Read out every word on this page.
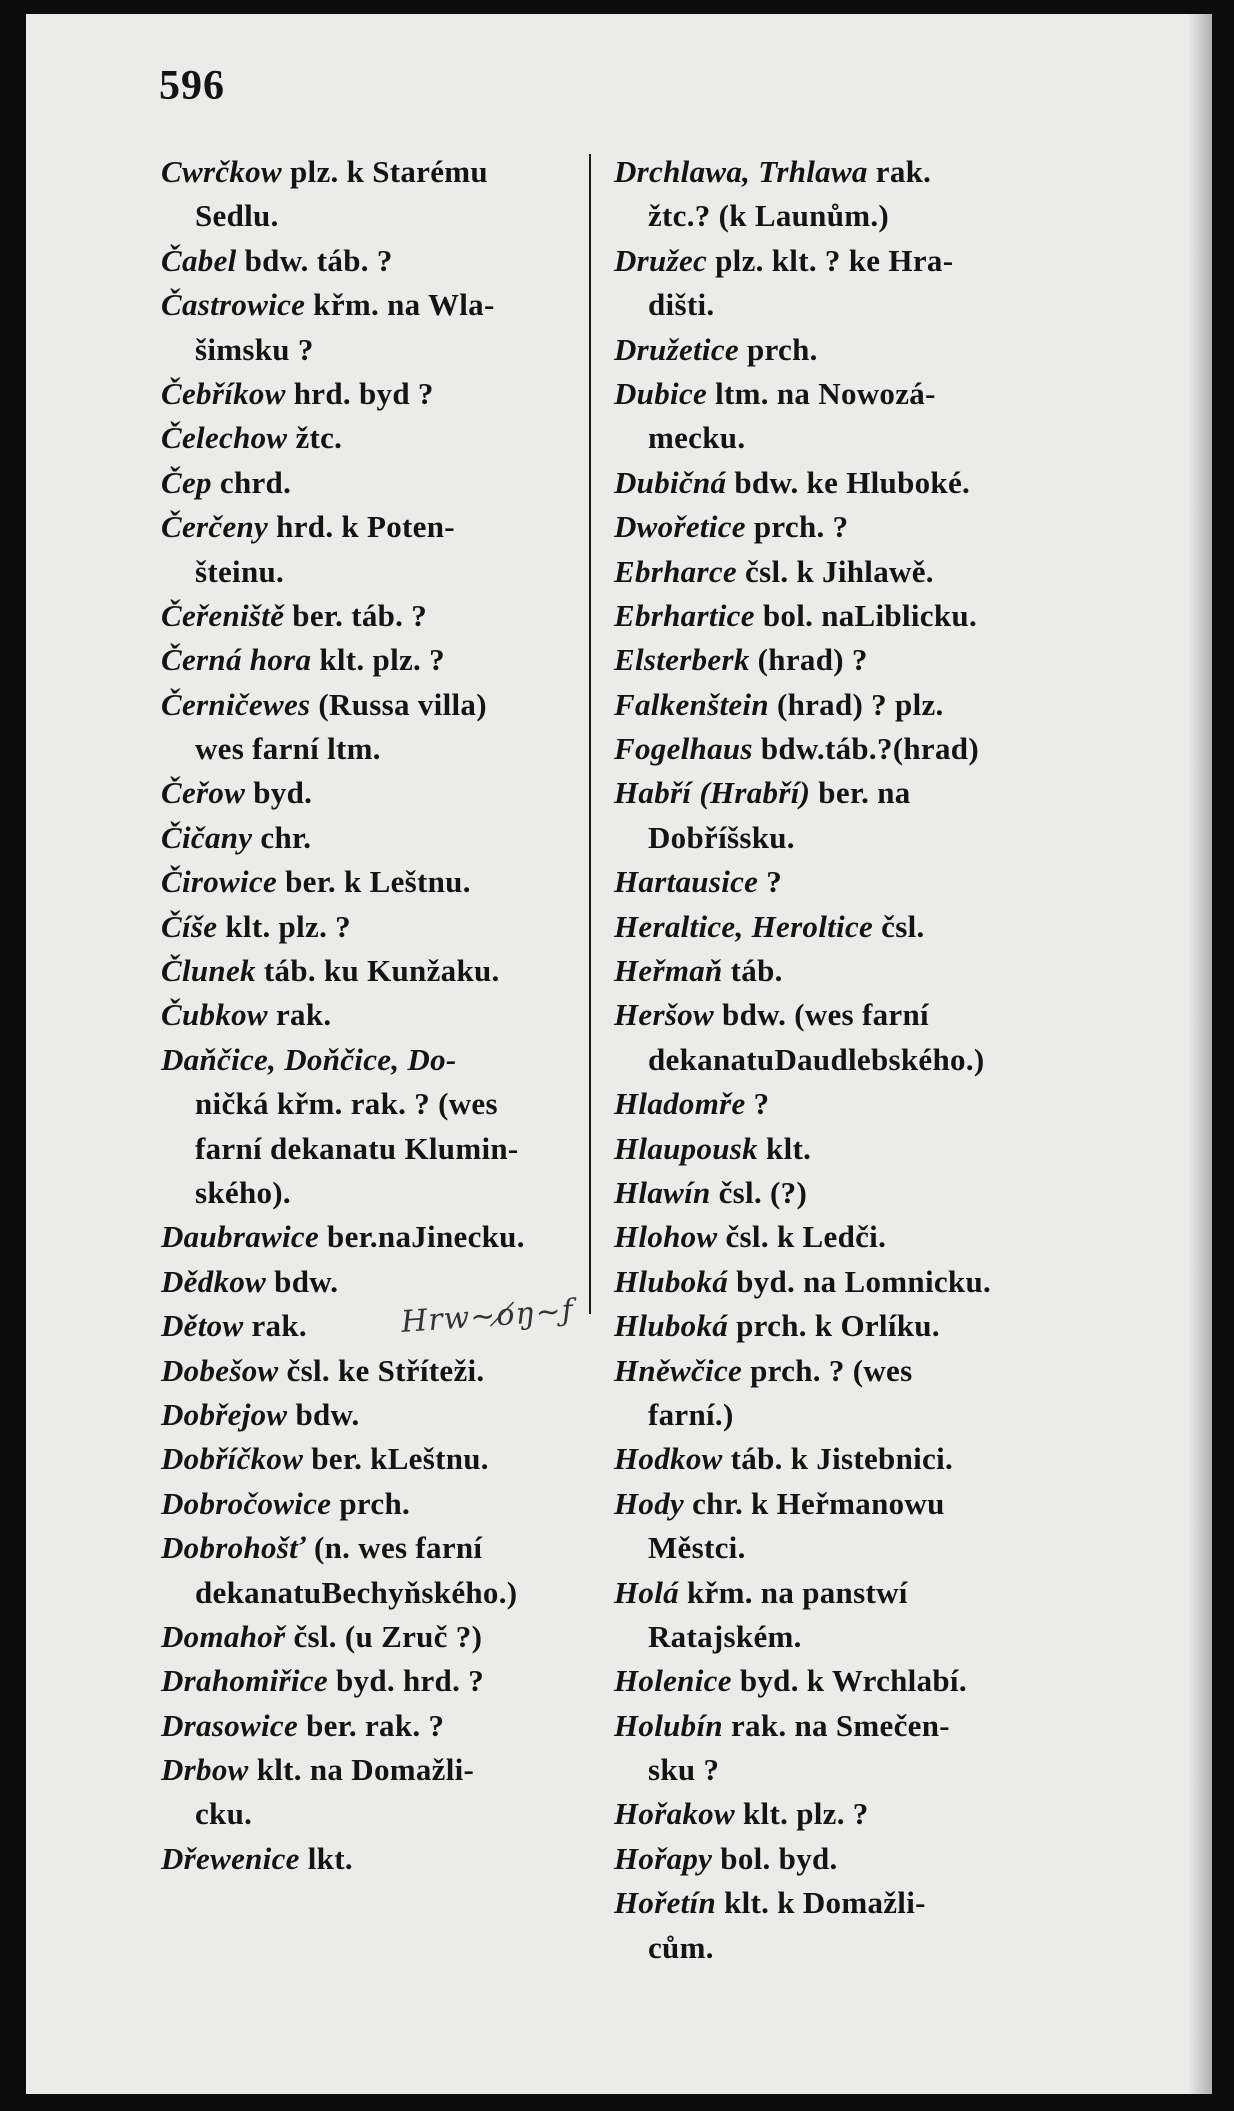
596
Cwrčkow plz. k Starému
Sedlu.
Čabel bdw. táb. ?
Častrowice křm. na Wla-
šimsku ?
Čebříkow hrd. byd ?
Čelechow žtc.
Čep chrd.
Čerčeny hrd. k Poten-
šteinu.
Čeřeniště ber. táb. ?
Černá hora klt. plz. ?
Černičewes (Russa villa)
wes farní ltm.
Čeřow byd.
Čičany chr.
Čirowice ber. k Leštnu.
Číše klt. plz. ?
Člunek táb. ku Kunžaku.
Čubkow rak.
Daňčice, Doňčice, Do-
ničká křm. rak. ? (wes
farní dekanatu Klumin-
ského).
Daubrawice ber.naJinecku.
Dědkow bdw.
Dětow rak.
Dobešow čsl. ke Stříteži.
Dobřejow bdw.
Dobříčkow ber. kLeštnu.
Dobročowice prch.
Dobrohošť (n. wes farní
dekanatuBechyňského.)
Domahoř čsl. (u Zruč ?)
Drahomiřice byd. hrd. ?
Drasowice ber. rak. ?
Drbow klt. na Domažli-
cku.
Dřewenice lkt.
Drchlawa, Trhlawa rak.
žtc.? (k Launům.)
Družec plz. klt. ? ke Hra-
dišti.
Družetice prch.
Dubice ltm. na Nowozá-
mecku.
Dubičná bdw. ke Hluboké.
Dwořetice prch. ?
Ebrharce čsl. k Jihlawě.
Ebrhartice bol. naLiblicku.
Elsterberk (hrad) ?
Falkenštein (hrad) ? plz.
Fogelhaus bdw.táb.?(hrad)
Habří (Hrabří) ber. na
Dobříšsku.
Hartausice ?
Heraltice, Heroltice čsl.
Heřmaň táb.
Heršow bdw. (wes farní
dekanatuDaudlebského.)
Hladomře ?
Hlaupousk klt.
Hlawín čsl. (?)
Hlohow čsl. k Ledči.
Hluboká byd. na Lomnicku.
Hluboká prch. k Orlíku.
Hněwčice prch. ? (wes
farní.)
Hodkow táb. k Jistebnici.
Hody chr. k Heřmanowu
Městci.
Holá křm. na panstwí
Ratajském.
Holenice byd. k Wrchlabí.
Holubín rak. na Smečen-
sku ?
Hořakow klt. plz. ?
Hořapy bol. byd.
Hořetín klt. k Domažli-
cům.
Hrw~o̸ŋ~ƒ
